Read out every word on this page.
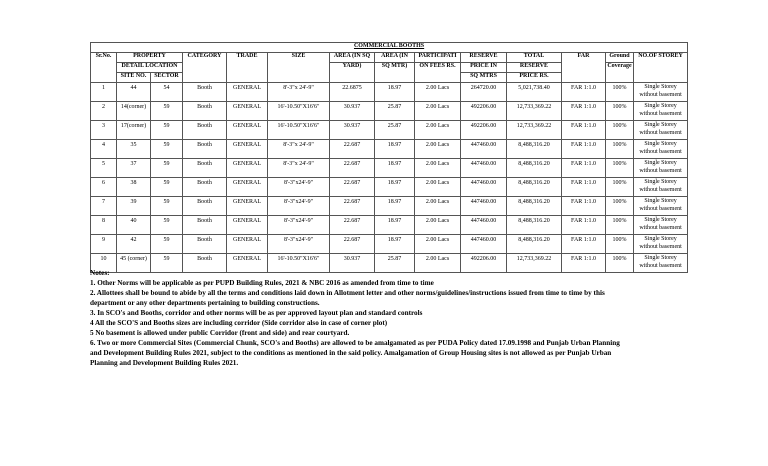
COMMERCIAL BOOTHS													
Sr.No.	PROPERTY		CATEGORY	TRADE	SIZE	AREA (IN SQ	AREA (IN	PARTICIPATI	RESERVE	TOTAL	FAR	Ground	NO.OF STOREY
	DETAIL LOCATION					YARD)	SQ MTR)	ON FEES RS.	PRICE IN	RESERVE		Coverage	
	SITE NO.	SECTOR							SQ MTRS	PRICE RS.			
1	44	54	Booth	GENERAL	8'-3"x 24'-9"	22.6875	18.97	2.00 Lacs	264720.00	5,021,738.40	FAR 1:1.0	100%	Single Storey
without basement

2	14(corner)	59	Booth	GENERAL	16'-10.50"X16'6"	30.937	25.87	2.00 Lacs	492206.00	12,733,369.22	FAR 1:1.0	100%	Single Storey
without basement

3	17(corner)	59	Booth	GENERAL	16'-10.50"X16'6"	30.937	25.87	2.00 Lacs	492206.00	12,733,369.22	FAR 1:1.0	100%	Single Storey
without basement

4	35	59	Booth	GENERAL	8'-3"x 24'-9"	22.687	18.97	2.00 Lacs	447460.00	8,488,316.20	FAR 1:1.0	100%	Single Storey
without basement

5	37	59	Booth	GENERAL	8'-3"x 24'-9"	22.687	18.97	2.00 Lacs	447460.00	8,488,316.20	FAR 1:1.0	100%	Single Storey
without basement

6	38	59	Booth	GENERAL	8'-3"x24'-9"	22.687	18.97	2.00 Lacs	447460.00	8,488,316.20	FAR 1:1.0	100%	Single Storey
without basement

7	39	59	Booth	GENERAL	8'-3"x24'-9"	22.687	18.97	2.00 Lacs	447460.00	8,488,316.20	FAR 1:1.0	100%	Single Storey
without basement

8	40	59	Booth	GENERAL	8'-3"x24'-9"	22.687	18.97	2.00 Lacs	447460.00	8,488,316.20	FAR 1:1.0	100%	Single Storey
without basement

9	42	59	Booth	GENERAL	8'-3"x24'-9"	22.687	18.97	2.00 Lacs	447460.00	8,488,316.20	FAR 1:1.0	100%	Single Storey
without basement

10	45 (corner)	59	Booth	GENERAL	16'-10.50"X16'6"	30.937	25.87	2.00 Lacs	492206.00	12,733,369.22	FAR 1:1.0	100%	Single Storey
without basement
Notes:
1. Other Norms will be applicable as per PUPD Building Rules, 2021 & NBC 2016 as amended from time to time
2. Allottees shall be bound to abide by all the terms and conditions laid down in Allotment letter and other norms/guidelines/instructions issued from time to time by this
department or any other departments pertaining to building constructions.
3. In SCO's and Booths, corridor and other norms will be as per approved layout plan and standard controls
4 All the SCO'S and Booths sizes are including corridor (Side corridor also in case of corner plot)
5 No basement is allowed under public Corridor (front and side) and rear courtyard.
6. Two or more Commercial Sites (Commercial Chunk, SCO's and Booths) are allowed to be amalgamated as per PUDA Policy dated 17.09.1998 and Punjab Urban Planning
and Development Building Rules 2021, subject to the conditions as mentioned in the said policy. Amalgamation of Group Housing sites is not allowed as per Punjab Urban
Planning and Development Building Rules 2021.
